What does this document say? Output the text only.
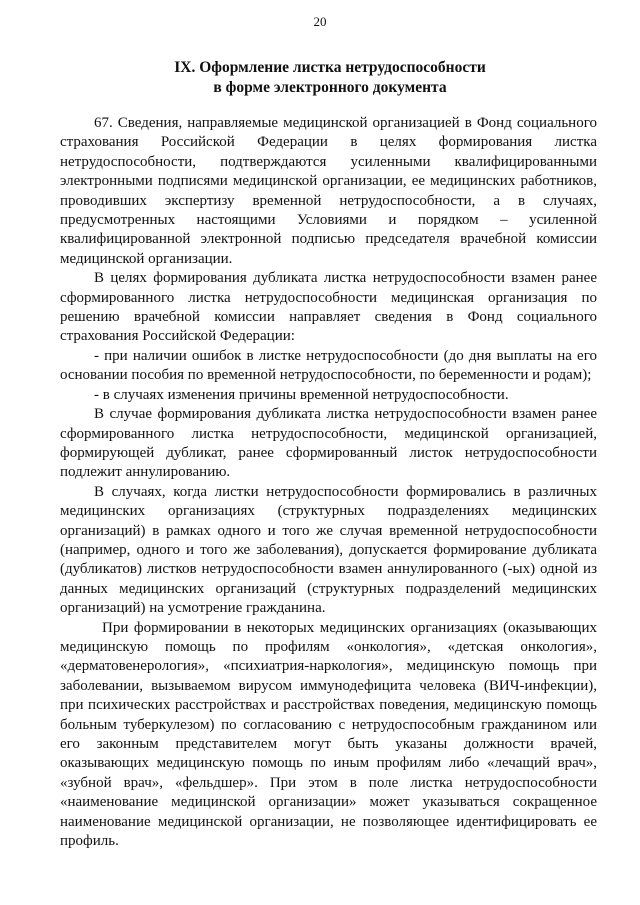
20
IX. Оформление листка нетрудоспособности
в форме электронного документа

67. Сведения, направляемые медицинской организацией в Фонд социального страхования Российской Федерации в целях формирования листка нетрудоспособности, подтверждаются усиленными квалифицированными электронными подписями медицинской организации, ее медицинских работников, проводивших экспертизу временной нетрудоспособности, а в случаях, предусмотренных настоящими Условиями и порядком – усиленной квалифицированной электронной подписью председателя врачебной комиссии медицинской организации.

В целях формирования дубликата листка нетрудоспособности взамен ранее сформированного листка нетрудоспособности медицинская организация по решению врачебной комиссии направляет сведения в Фонд социального страхования Российской Федерации:

- при наличии ошибок в листке нетрудоспособности (до дня выплаты на его основании пособия по временной нетрудоспособности, по беременности и родам);

- в случаях изменения причины временной нетрудоспособности.

В случае формирования дубликата листка нетрудоспособности взамен ранее сформированного листка нетрудоспособности, медицинской организацией, формирующей дубликат, ранее сформированный листок нетрудоспособности подлежит аннулированию.

В случаях, когда листки нетрудоспособности формировались в различных медицинских организациях (структурных подразделениях медицинских организаций) в рамках одного и того же случая временной нетрудоспособности (например, одного и того же заболевания), допускается формирование дубликата (дубликатов) листков нетрудоспособности взамен аннулированного (-ых) одной из данных медицинских организаций (структурных подразделений медицинских организаций) на усмотрение гражданина.

При формировании в некоторых медицинских организациях (оказывающих медицинскую помощь по профилям «онкология», «детская онкология», «дерматовенерология», «психиатрия-наркология», медицинскую помощь при заболевании, вызываемом вирусом иммунодефицита человека (ВИЧ-инфекции), при психических расстройствах и расстройствах поведения, медицинскую помощь больным туберкулезом) по согласованию с нетрудоспособным гражданином или его законным представителем могут быть указаны должности врачей, оказывающих медицинскую помощь по иным профилям либо «лечащий врач», «зубной врач», «фельдшер». При этом в поле листка нетрудоспособности «наименование медицинской организации» может указываться сокращенное наименование медицинской организации, не позволяющее идентифицировать ее профиль.
